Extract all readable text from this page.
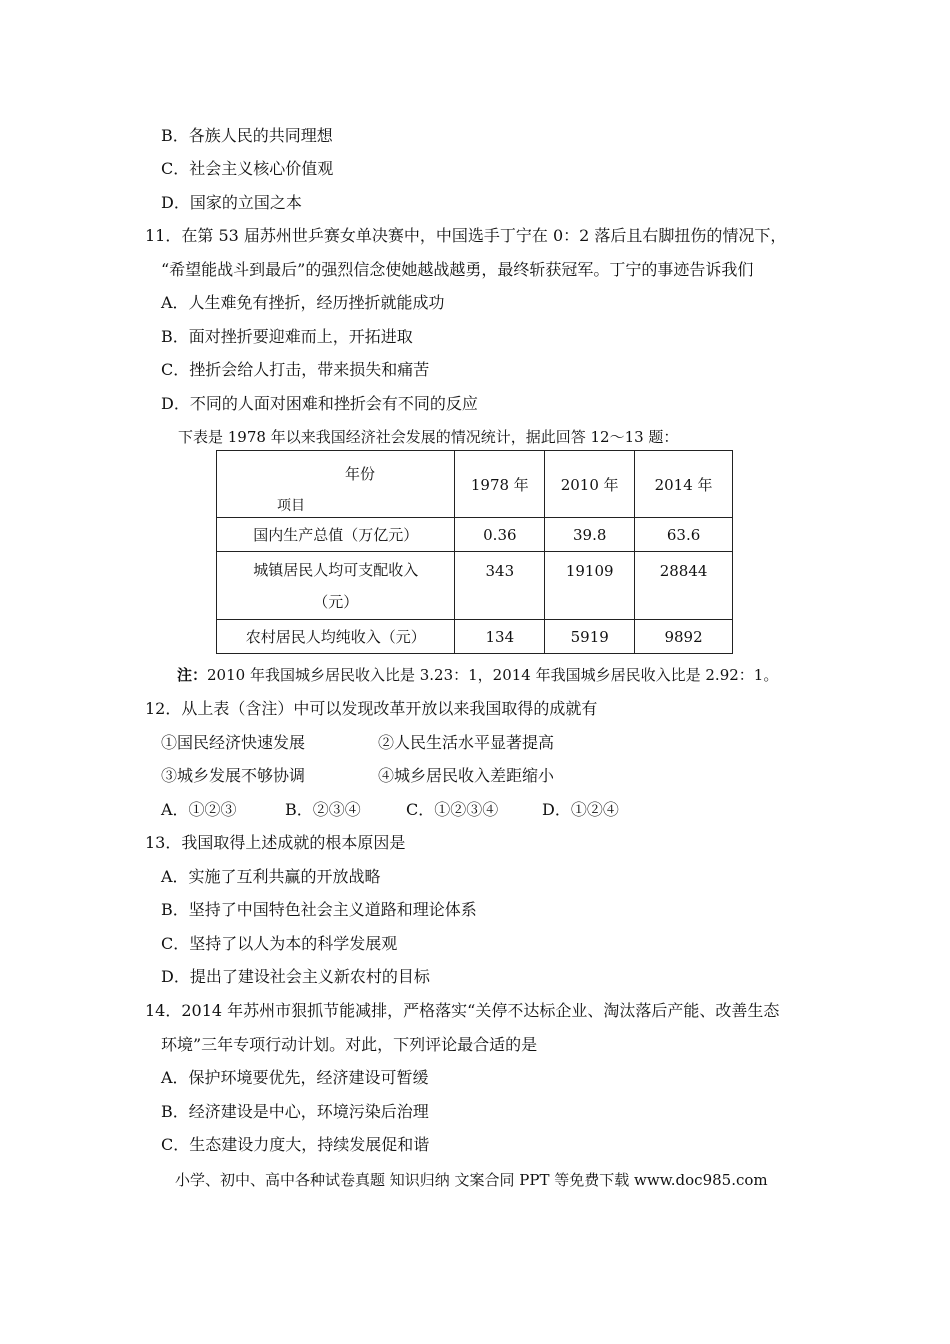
B．各族人民的共同理想
C．社会主义核心价值观
D．国家的立国之本
11．在第 53 届苏州世乒赛女单决赛中，中国选手丁宁在 0：2 落后且右脚扭伤的情况下，
“希望能战斗到最后”的强烈信念使她越战越勇，最终斩获冠军。丁宁的事迹告诉我们
A．人生难免有挫折，经历挫折就能成功
B．面对挫折要迎难而上，开拓进取
C．挫折会给人打击，带来损失和痛苦
D．不同的人面对困难和挫折会有不同的反应
下表是 1978 年以来我国经济社会发展的情况统计，据此回答 12～13 题：
年份
项目	1978 年	2010 年	2014 年
国内生产总值（万亿元）	0.36	39.8	63.6

城镇居民人均可支配收入
（元）	343	19109	28844
农村居民人均纯收入（元）	134	5919	9892
注：2010 年我国城乡居民收入比是 3.23：1，2014 年我国城乡居民收入比是 2.92：1。
12．从上表（含注）中可以发现改革开放以来我国取得的成就有
①国民经济快速发展	②人民生活水平显著提高
③城乡发展不够协调	④城乡居民收入差距缩小
A．①②③	B．②③④	C．①②③④	D．①②④
13．我国取得上述成就的根本原因是
A．实施了互利共赢的开放战略
B．坚持了中国特色社会主义道路和理论体系
C．坚持了以人为本的科学发展观
D．提出了建设社会主义新农村的目标
14．2014 年苏州市狠抓节能减排，严格落实“关停不达标企业、淘汰落后产能、改善生态
环境”三年专项行动计划。对此，下列评论最合适的是
A．保护环境要优先，经济建设可暂缓
B．经济建设是中心，环境污染后治理
C．生态建设力度大，持续发展促和谐
小学、初中、高中各种试卷真题 知识归纳 文案合同 PPT 等免费下载 www.doc985.com
